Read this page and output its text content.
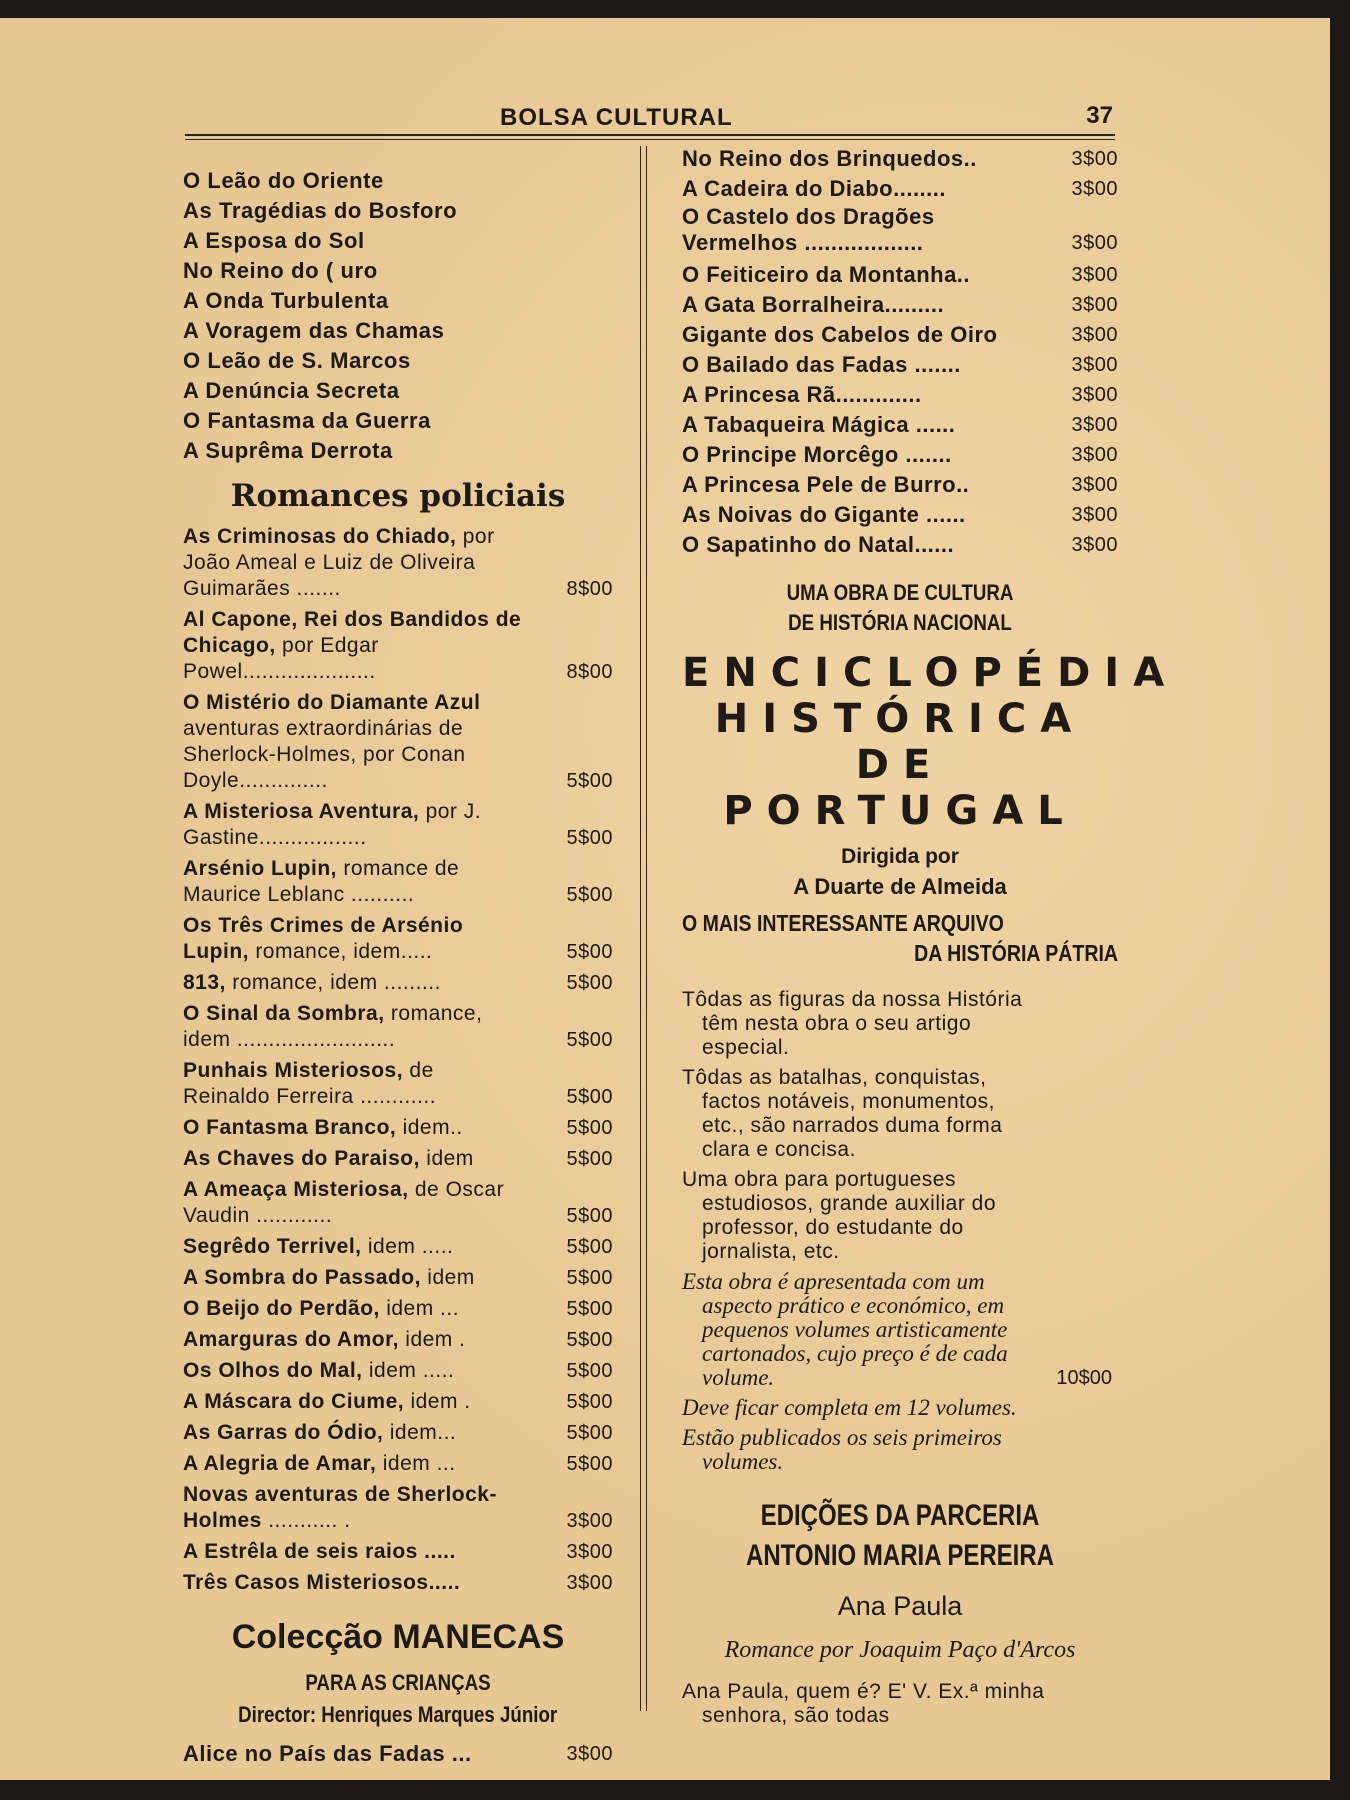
BOLSA CULTURAL	37
O Leão do Oriente
As Tragédias do Bosforo
A Esposa do Sol
No Reino do ( uro
A Onda Turbulenta
A Voragem das Chamas
O Leão de S. Marcos
A Denúncia Secreta
O Fantasma da Guerra
A Suprêma Derrota
Romances policiais
As Criminosas do Chiado, por João Ameal e Luiz de Oliveira Guimarães .......	8$00
Al Capone, Rei dos Bandidos de Chicago, por Edgar Powel.....................	8$00
O Mistério do Diamante Azul aventuras extraordinárias de Sherlock-Holmes, por Conan Doyle..............	5$00
A Misteriosa Aventura, por J. Gastine.................	5$00
Arsénio Lupin, romance de Maurice Leblanc ..........	5$00
Os Três Crimes de Arsénio Lupin, romance, idem.....	5$00
813, romance, idem .........	5$00
O Sinal da Sombra, romance, idem .........................	5$00
Punhais Misteriosos, de Reinaldo Ferreira ............	5$00
O Fantasma Branco, idem..	5$00
As Chaves do Paraiso, idem	5$00
A Ameaça Misteriosa, de Oscar Vaudin ............	5$00
Segrêdo Terrivel, idem .....	5$00
A Sombra do Passado, idem	5$00
O Beijo do Perdão, idem ...	5$00
Amarguras do Amor, idem .	5$00
Os Olhos do Mal, idem .....	5$00
A Máscara do Ciume, idem .	5$00
As Garras do Ódio, idem...	5$00
A Alegria de Amar, idem ...	5$00
Novas aventuras de Sherlock-Holmes ........... .	3$00
A Estrêla de seis raios .....	3$00
Três Casos Misteriosos.....	3$00
Colecção MANECAS
PARA AS CRIANÇAS
Director: Henriques Marques Júnior
Alice no País das Fadas ...	3$00
No Reino dos Brinquedos..	3$00
A Cadeira do Diabo........	3$00
O Castelo dos Dragões Vermelhos ..................	3$00
O Feiticeiro da Montanha..	3$00
A Gata Borralheira.........	3$00
Gigante dos Cabelos de Oiro	3$00
O Bailado das Fadas .......	3$00
A Princesa Rã.............	3$00
A Tabaqueira Mágica ......	3$00
O Principe Morcêgo .......	3$00
A Princesa Pele de Burro..	3$00
As Noivas do Gigante ......	3$00
O Sapatinho do Natal......	3$00
UMA OBRA DE CULTURA
DE HISTÓRIA NACIONAL
ENCICLOPÉDIA
HISTÓRICA
DE PORTUGAL
Dirigida por
A Duarte de Almeida
O MAIS INTERESSANTE ARQUIVO
DA HISTÓRIA PÁTRIA
Tôdas as figuras da nossa História têm nesta obra o seu artigo especial.
Tôdas as batalhas, conquistas, factos notáveis, monumentos, etc., são narrados duma forma clara e concisa.
Uma obra para portugueses estudiosos, grande auxiliar do professor, do estudante do jornalista, etc.
Esta obra é apresentada com um aspecto prático e económico, em pequenos volumes artisticamente cartonados, cujo preço é de cada volume.	10$00
Deve ficar completa em 12 volumes.
Estão publicados os seis primeiros volumes.
EDIÇÕES DA PARCERIA
ANTONIO MARIA PEREIRA
Ana Paula
Romance por Joaquim Paço d'Arcos
Ana Paula, quem é? E' V. Ex.ª minha senhora, são todas
